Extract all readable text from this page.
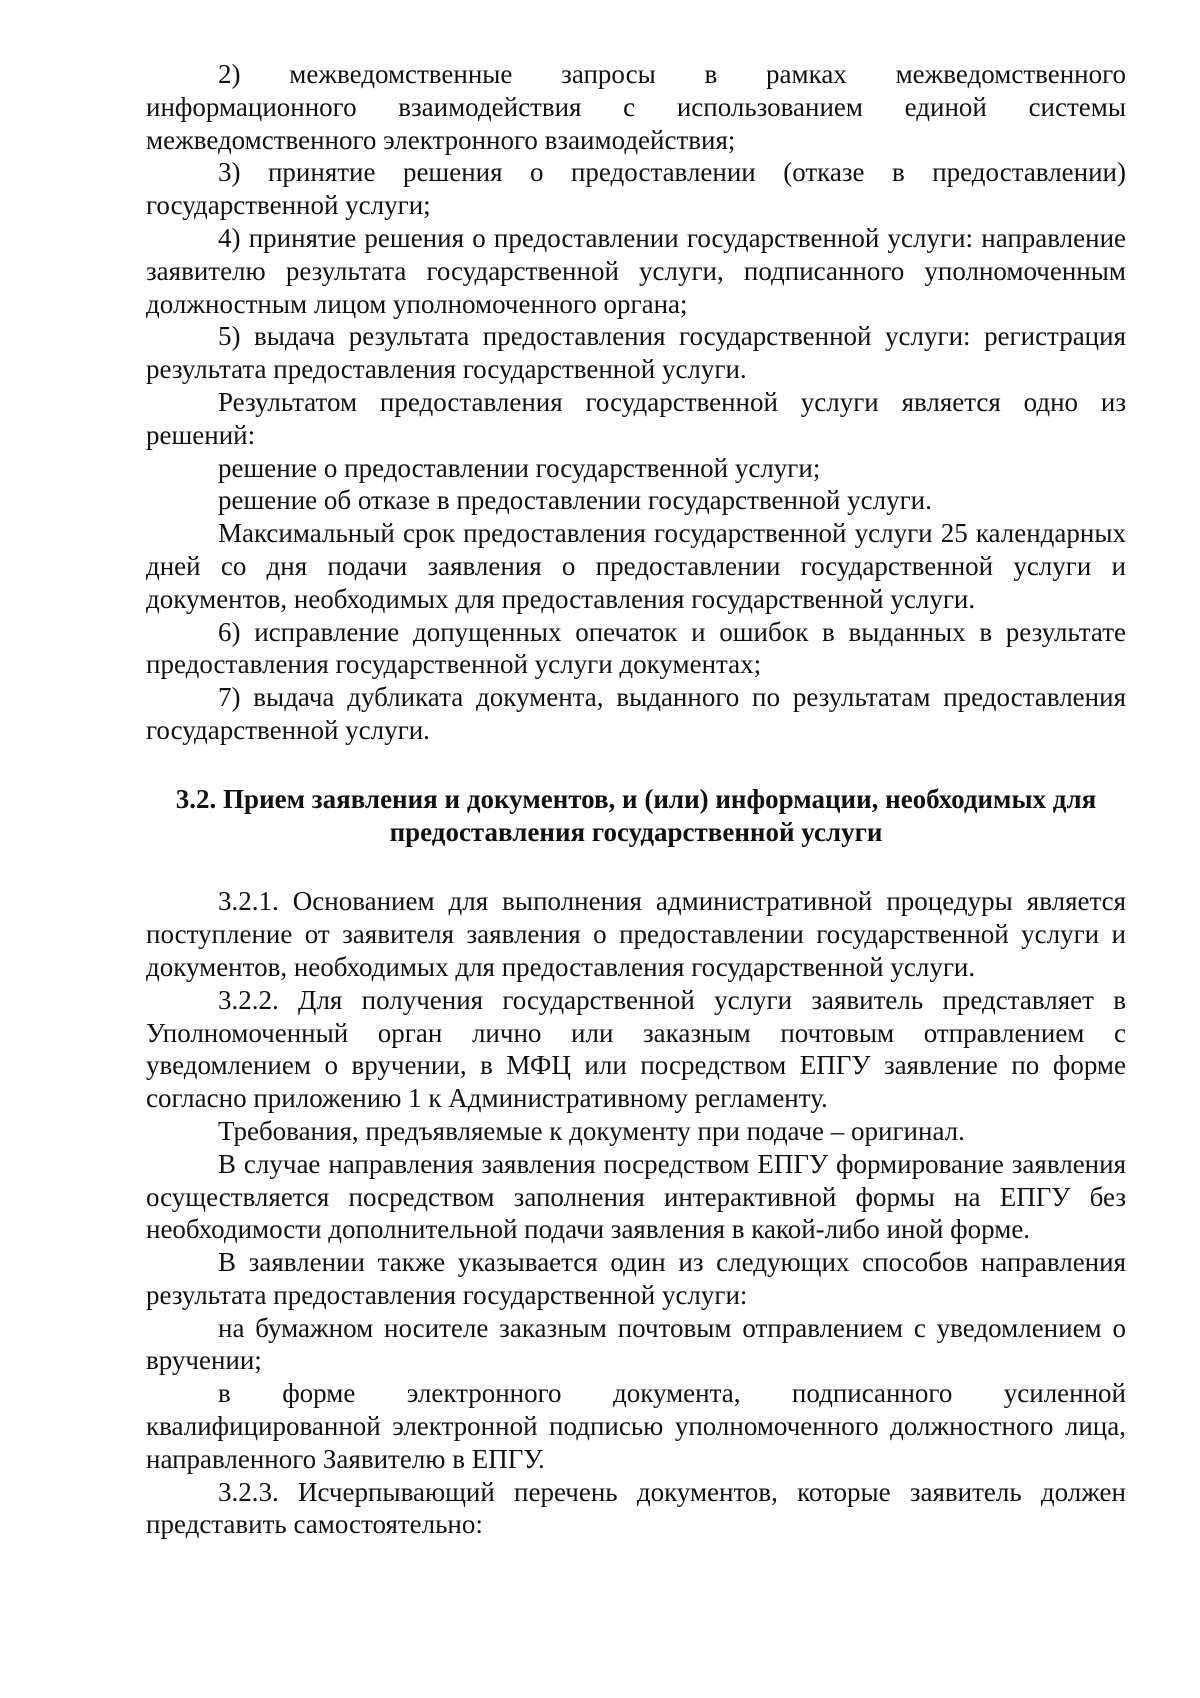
2) межведомственные запросы в рамках межведомственного информационного взаимодействия с использованием единой системы межведомственного электронного взаимодействия;

3) принятие решения о предоставлении (отказе в предоставлении) государственной услуги;

4) принятие решения о предоставлении государственной услуги: направление заявителю результата государственной услуги, подписанного уполномоченным должностным лицом уполномоченного органа;

5) выдача результата предоставления государственной услуги: регистрация результата предоставления государственной услуги.

Результатом предоставления государственной услуги является одно из решений:

решение о предоставлении государственной услуги;

решение об отказе в предоставлении государственной услуги.

Максимальный срок предоставления государственной услуги 25 календарных дней со дня подачи заявления о предоставлении государственной услуги и документов, необходимых для предоставления государственной услуги.

6) исправление допущенных опечаток и ошибок в выданных в результате предоставления государственной услуги документах;

7) выдача дубликата документа, выданного по результатам предоставления государственной услуги.

3.2. Прием заявления и документов, и (или) информации, необходимых для
предоставления государственной услуги

3.2.1. Основанием для выполнения административной процедуры является поступление от заявителя заявления о предоставлении государственной услуги и документов, необходимых для предоставления государственной услуги.

3.2.2. Для получения государственной услуги заявитель представляет в Уполномоченный орган лично или заказным почтовым отправлением с уведомлением о вручении, в МФЦ или посредством ЕПГУ заявление по форме согласно приложению 1 к Административному регламенту.

Требования, предъявляемые к документу при подаче – оригинал.

В случае направления заявления посредством ЕПГУ формирование заявления осуществляется посредством заполнения интерактивной формы на ЕПГУ без необходимости дополнительной подачи заявления в какой-либо иной форме.

В заявлении также указывается один из следующих способов направления результата предоставления государственной услуги:

на бумажном носителе заказным почтовым отправлением с уведомлением о вручении;

в форме электронного документа, подписанного усиленной квалифицированной электронной подписью уполномоченного должностного лица, направленного Заявителю в ЕПГУ.

3.2.3. Исчерпывающий перечень документов, которые заявитель должен представить самостоятельно:
